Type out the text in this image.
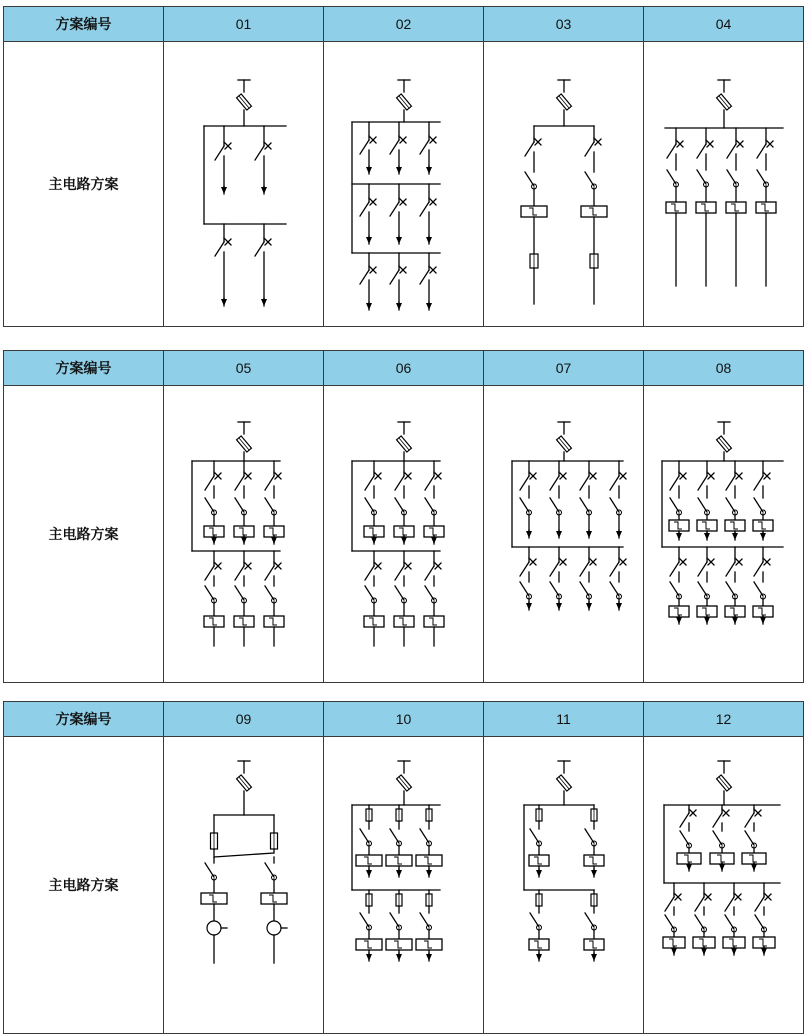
方案编号	01	02	03	04
主电路方案	

方案编号	05	06	07	08
主电路方案	

方案编号	09	10	11	12
主电路方案	
